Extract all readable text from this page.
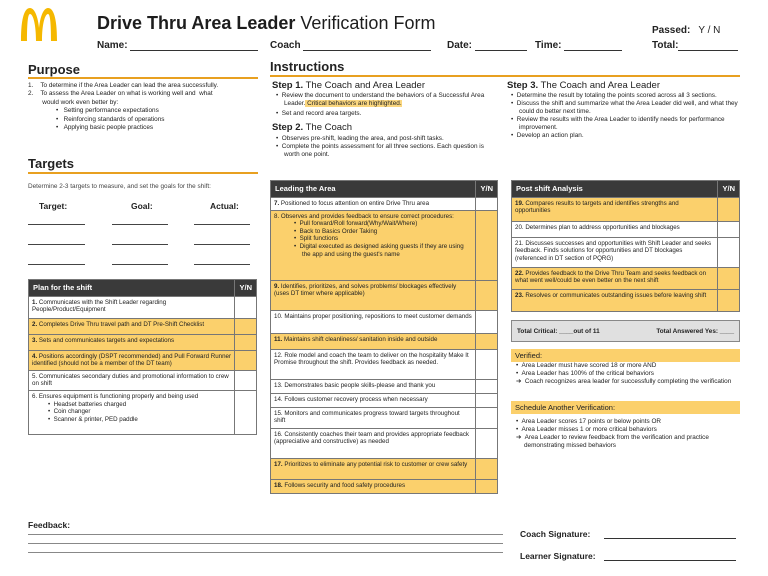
Drive Thru Area Leader Verification Form	Passed: Y / N
Name:	Coach	Date:	Time:	Total:
Purpose
1.    To determine if the Area Leader can lead the area successfully.
2.    To assess the Area Leader on what is working well and  what
would work even better by:
•   Setting performance expectations
•   Reinforcing standards of operations
•   Applying basic people practices
Targets
Determine 2-3 targets to measure, and set the goals for the shift:
Target:	Goal:	Actual:
Plan for the shift	Y/N
1. Communicates with the Shift Leader regarding People/Product/Equipment	
2. Completes Drive Thru travel path and DT Pre-Shift Checklist	
3. Sets and communicates targets and expectations	
4. Positions accordingly (DSPT recommended) and Pull Forward Runner identified (should not be a member of the DT team)	
5. Communicates secondary duties and promotional information to crew on shift	
6. Ensures equipment is functioning properly and being used
•  Headset batteries charged
•  Coin changer
•  Scanner & printer, PED paddle	

Instructions
Step 1. The Coach and Area Leader
•  Review the document to understand the behaviors of a Successful Area Leader. Critical behaviors are highlighted.
•  Set and record area targets.
Step 2. The Coach
•  Observes pre-shift, leading the area, and post-shift tasks.
•  Complete the points assessment for all three sections. Each question is worth one point.
Step 3. The Coach and Area Leader
•  Determine the result by totaling the points scored across all 3 sections.
•  Discuss the shift and summarize what the Area Leader did well, and what they could do better next time.
•  Review the results with the Area Leader to identify needs for performance improvement.
•  Develop an action plan.
Leading the Area	Y/N
7. Positioned to focus attention on entire Drive Thru area	
8. Observes and provides feedback to ensure correct procedures:
•  Pull forward/Roll forward(Why/Wait/Where)
•  Back to Basics Order Taking
•  Split functions
•  Digital executed as designed asking guests if they are using the app and using the guest's name	

9. Identifies, prioritizes, and solves problems/ blockages effectively (uses DT timer where applicable)	
10. Maintains proper positioning, repositions to meet customer demands	
11. Maintains shift cleanliness/ sanitation inside and outside	
12. Role model and coach the team to deliver on the hospitality Make It Promise throughout the shift. Provides feedback as needed.	
13. Demonstrates basic people skills-please and thank you	
14. Follows customer recovery process when necessary	
15. Monitors and communicates progress toward targets throughout shift	
16. Consistently coaches their team and provides appropriate feedback (appreciative and constructive) as needed	
17. Prioritizes to eliminate any potential risk to customer or crew safety	
18. Follows security and food safety procedures	
Post shift Analysis	Y/N
19. Compares results to targets and identifies strengths and opportunities	
20. Determines plan to address opportunities and blockages	
21. Discusses successes and opportunities with Shift Leader and seeks feedback. Finds solutions for opportunities and DT blockages (referenced in DT section of PQRG)	
22. Provides feedback to the Drive Thru Team and seeks feedback on what went well/could be even better on the next shift	
23. Resolves or communicates outstanding issues before leaving shift	
Total Critical: ____out of 11	Total Answered Yes: ____
Verified:
•  Area Leader must have scored 18 or more AND
•  Area Leader has 100% of the critical behaviors
➔  Coach recognizes area leader for successfully completing the verification
Schedule Another Verification:
•  Area Leader scores 17 points or below points OR
•  Area Leader misses 1 or more critical behaviors
➔  Area Leader to review feedback from the verification and practice demonstrating missed behaviors
Feedback:
Coach Signature:
Learner Signature:
